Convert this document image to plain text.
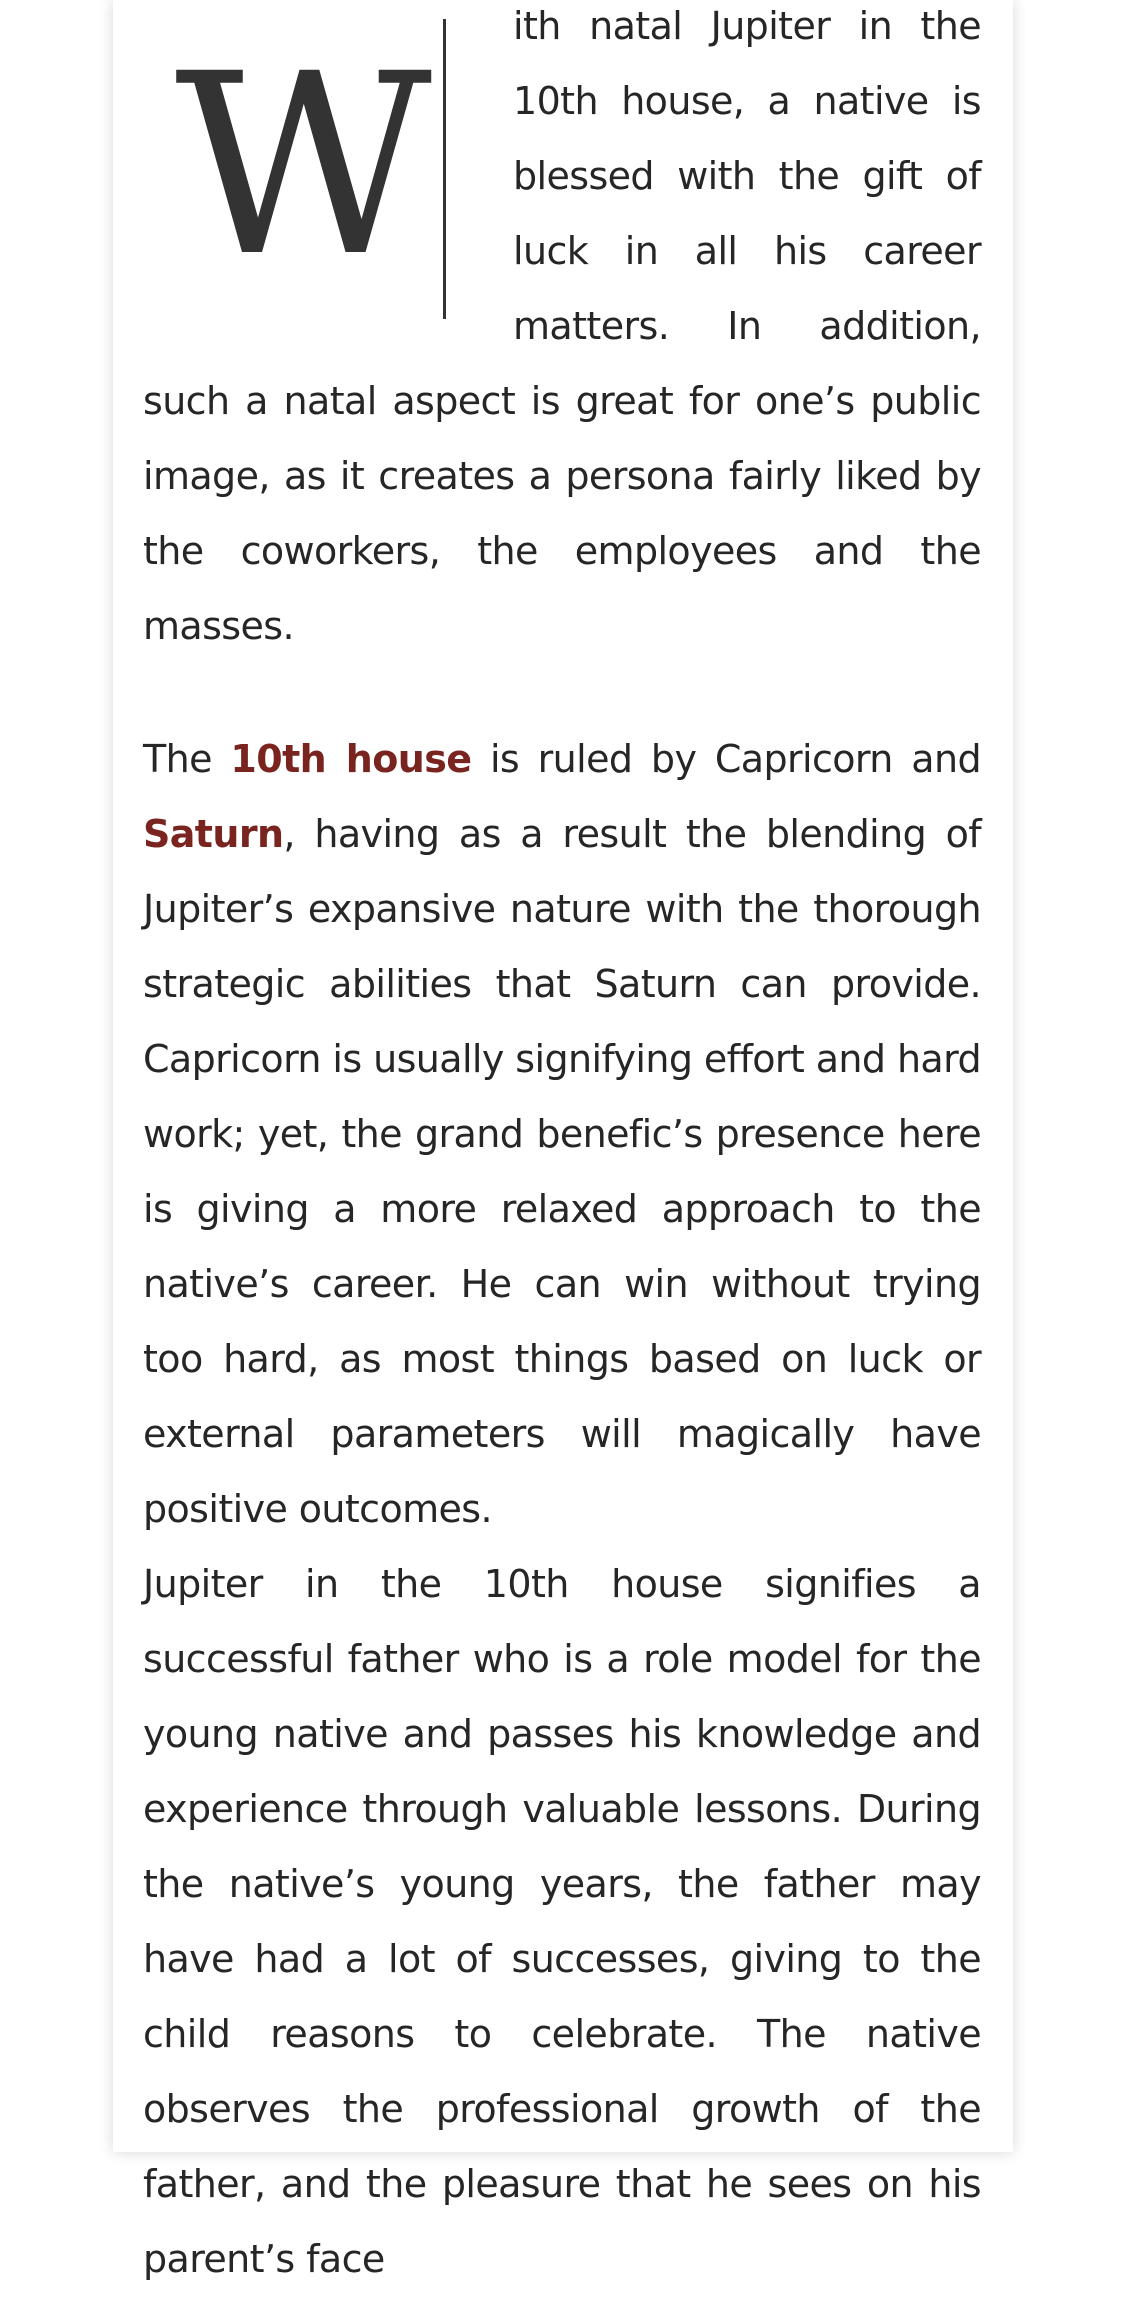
W	ith natal Jupiter in the 10th house, a native is blessed with the gift of luck in all his career matters. In addition, such a natal aspect is great for one’s public image, as it creates a persona fairly liked by the coworkers, the employees and the masses.

The 10th house is ruled by Capricorn and Saturn, having as a result the blending of Jupiter’s expansive nature with the thorough strategic abilities that Saturn can provide. Capricorn is usually signifying effort and hard work; yet, the grand benefic’s presence here is giving a more relaxed approach to the native’s career. He can win without trying too hard, as most things based on luck or external parameters will magically have positive outcomes.

Jupiter in the 10th house signifies a successful father who is a role model for the young native and passes his knowledge and experience through valuable lessons. During the native’s young years, the father may have had a lot of successes, giving to the child reasons to celebrate. The native observes the professional growth of the father, and the pleasure that he sees on his parent’s face
